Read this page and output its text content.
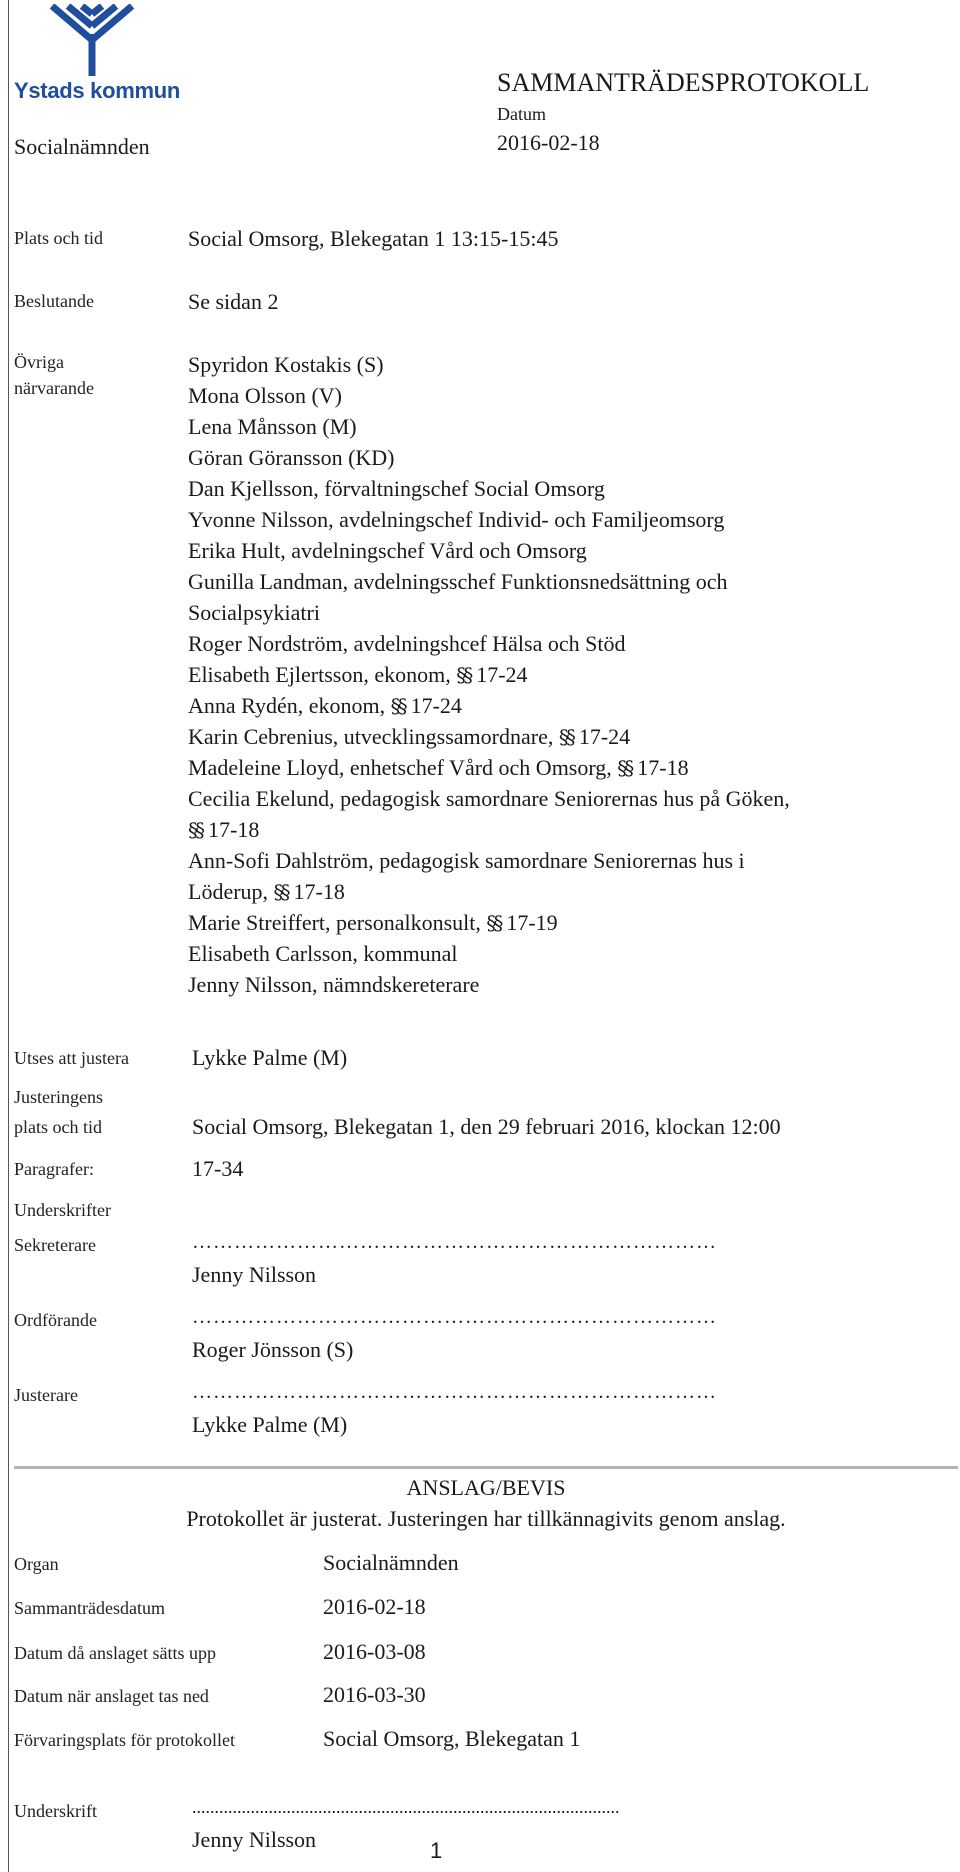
Ystads kommun
Socialnämnden
SAMMANTRÄDESPROTOKOLL
Datum
2016-02-18
Plats och tid	Social Omsorg, Blekegatan 1 13:15-15:45
Beslutande	Se sidan 2
Övriga
närvarande
Spyridon Kostakis (S)
Mona Olsson (V)
Lena Månsson (M)
Göran Göransson (KD)
Dan Kjellsson, förvaltningschef Social Omsorg
Yvonne Nilsson, avdelningschef Individ- och Familjeomsorg
Erika Hult, avdelningschef Vård och Omsorg
Gunilla Landman, avdelningsschef Funktionsnedsättning och
Socialpsykiatri
Roger Nordström, avdelningshcef Hälsa och Stöd
Elisabeth Ejlertsson, ekonom, §§ 17-24
Anna Rydén, ekonom, §§ 17-24
Karin Cebrenius, utvecklingssamordnare, §§ 17-24
Madeleine Lloyd, enhetschef Vård och Omsorg, §§ 17-18
Cecilia Ekelund, pedagogisk samordnare Seniorernas hus på Göken,
§§ 17-18
Ann-Sofi Dahlström, pedagogisk samordnare Seniorernas hus i
Löderup, §§ 17-18
Marie Streiffert, personalkonsult, §§ 17-19
Elisabeth Carlsson, kommunal
Jenny Nilsson, nämndskereterare
Utses att justera	Lykke Palme (M)
Justeringens
plats och tid	Social Omsorg, Blekegatan 1, den 29 februari 2016, klockan 12:00
Paragrafer:	17-34
Underskrifter
Sekreterare	…………………………………………………………………
Jenny Nilsson
Ordförande	…………………………………………………………………
Roger Jönsson (S)
Justerare	…………………………………………………………………
Lykke Palme (M)
ANSLAG/BEVIS
Protokollet är justerat. Justeringen har tillkännagivits genom anslag.
Organ	Socialnämnden
Sammanträdesdatum	2016-02-18
Datum då anslaget sätts upp	2016-03-08
Datum när anslaget tas ned	2016-03-30
Förvaringsplats för protokollet	Social Omsorg, Blekegatan 1
Underskrift	...............................................................................................
Jenny Nilsson	1
